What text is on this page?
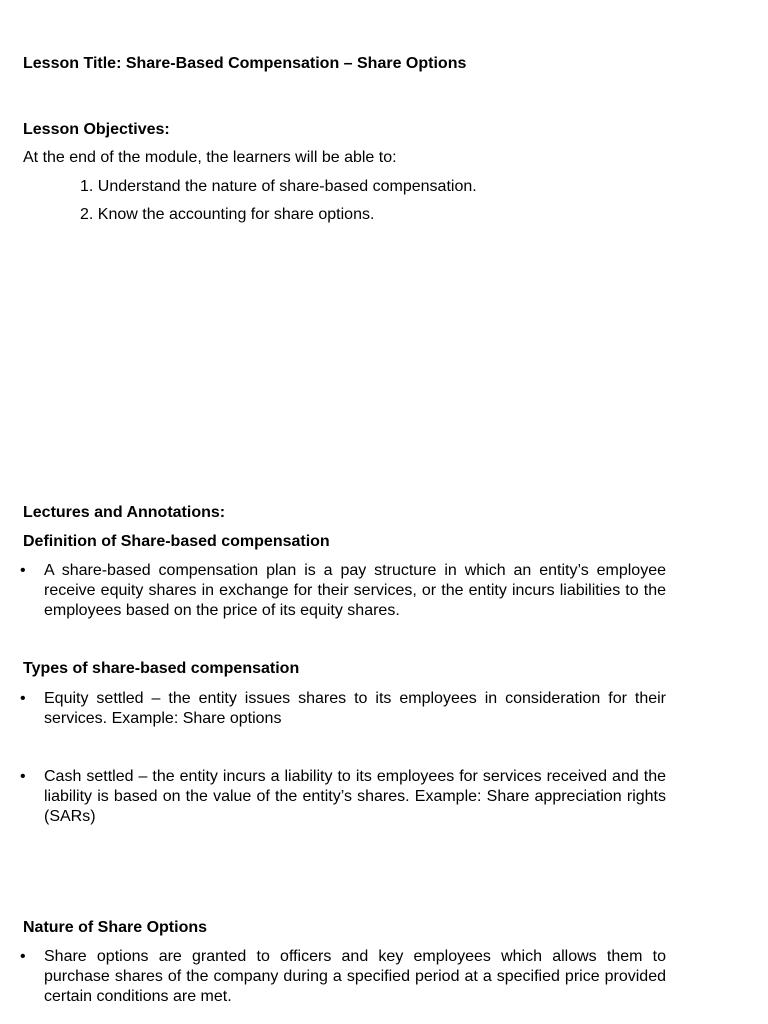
Lesson Title: Share-Based Compensation – Share Options
Lesson Objectives:
At the end of the module, the learners will be able to:
1. Understand the nature of share-based compensation.
2. Know the accounting for share options.
Lectures and Annotations:
Definition of Share-based compensation
•	A share-based compensation plan is a pay structure in which an entity’s employee receive equity shares in exchange for their services, or the entity incurs liabilities to the employees based on the price of its equity shares.
Types of share-based compensation
•	Equity settled – the entity issues shares to its employees in consideration for their services. Example: Share options
•	Cash settled – the entity incurs a liability to its employees for services received and the liability is based on the value of the entity’s shares. Example: Share appreciation rights (SARs)
Nature of Share Options
•	Share options are granted to officers and key employees which allows them to purchase shares of the company during a specified period at a specified price provided certain conditions are met.
